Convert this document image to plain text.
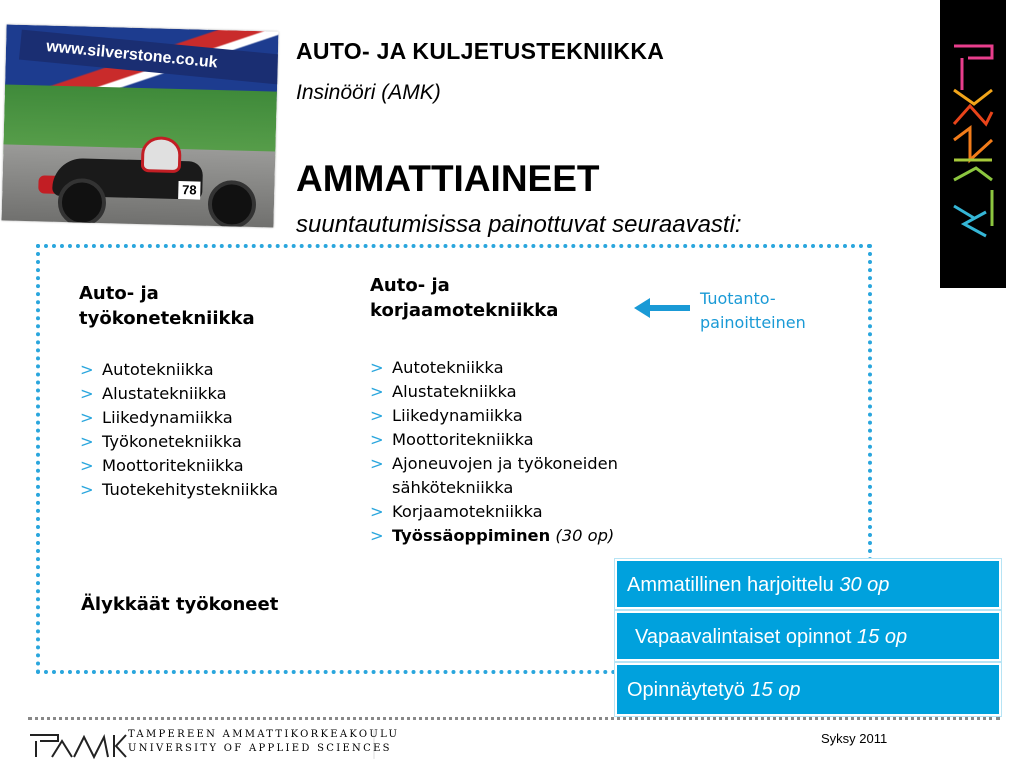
www.silverstone.co.uk
78
AUTO- JA KULJETUSTEKNIIKKA
Insinööri (AMK)
AMMATTIAINEET
suuntautumisissa painottuvat seuraavasti:
Auto- ja työkonetekniikka
> Autotekniikka
> Alustatekniikka
> Liikedynamiikka
> Työkonetekniikka
> Moottoritekniikka
> Tuotekehitystekniikka
Auto- ja korjaamotekniikka
> Autotekniikka
> Alustatekniikka
> Liikedynamiikka
> Moottoritekniikka
> Ajoneuvojen ja työkoneiden sähkötekniikka
> Korjaamotekniikka
> Työssäoppiminen (30 op)
Tuotanto-
painoitteinen
Älykkäät työkoneet
Ammatillinen harjoittelu 30 op
Vapaavalintaiset opinnot 15 op
Opinnäytetyö 15 op
TAMPEREEN AMMATTIKORKEAKOULU
UNIVERSITY OF APPLIED SCIENCES
Syksy 2011
